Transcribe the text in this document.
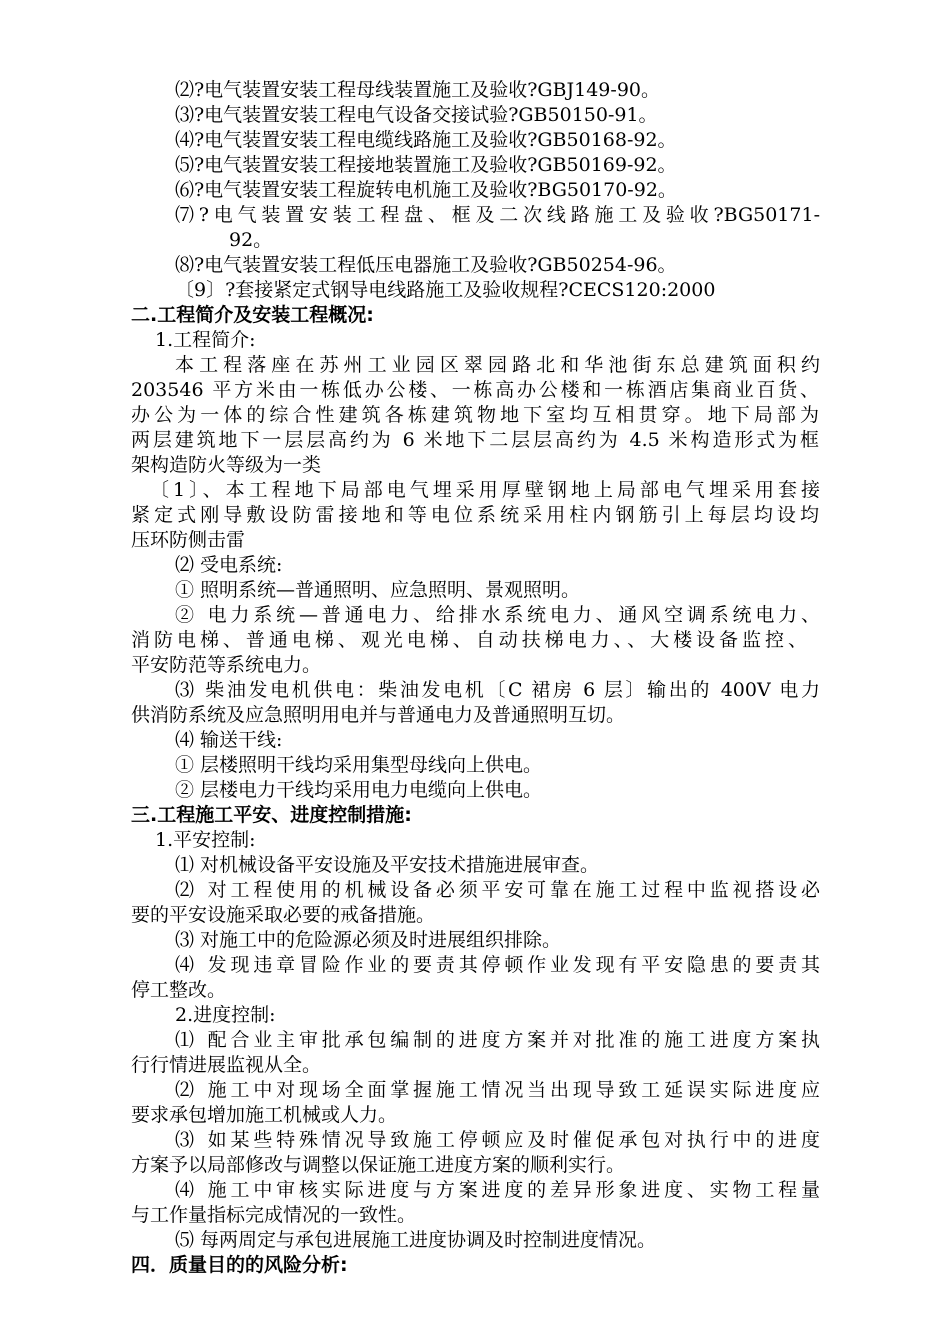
⑵?电气装置安装工程母线装置施工及验收?GBJ149-90。
⑶?电气装置安装工程电气设备交接试验?GB50150-91。
⑷?电气装置安装工程电缆线路施工及验收?GB50168-92。
⑸?电气装置安装工程接地装置施工及验收?GB50169-92。
⑹?电气装置安装工程旋转电机施工及验收?BG50170-92。
⑺?电气装置安装工程盘、框及二次线路施工及验收?BG50171-
92。
⑻?电气装置安装工程低压电器施工及验收?GB50254-96。
〔9〕?套接紧定式钢导电线路施工及验收规程?CECS120:2000
二.工程简介及安装工程概况:
1.工程简介:
本工程落座在苏州工业园区翠园路北和华池街东总建筑面积约
203546 平方米由一栋低办公楼、一栋高办公楼和一栋酒店集商业百货、
办公为一体的综合性建筑各栋建筑物地下室均互相贯穿。地下局部为
两层建筑地下一层层高约为 6 米地下二层层高约为 4.5 米构造形式为框
架构造防火等级为一类
〔1〕、本工程地下局部电气埋采用厚壁钢地上局部电气埋采用套接
紧定式刚导敷设防雷接地和等电位系统采用柱内钢筋引上每层均设均
压环防侧击雷
⑵ 受电系统:
① 照明系统—普通照明、应急照明、景观照明。
② 电力系统—普通电力、给排水系统电力、通风空调系统电力、
消防电梯、普通电梯、观光电梯、自动扶梯电力、、大楼设备监控、
平安防范等系统电力。
⑶ 柴油发电机供电：柴油发电机〔C 裙房 6 层〕输出的 400V 电力
供消防系统及应急照明用电并与普通电力及普通照明互切。
⑷ 输送干线:
① 层楼照明干线均采用集型母线向上供电。
② 层楼电力干线均采用电力电缆向上供电。
三.工程施工平安、进度控制措施:
1.平安控制:
⑴ 对机械设备平安设施及平安技术措施进展审查。
⑵ 对工程使用的机械设备必须平安可靠在施工过程中监视搭设必
要的平安设施采取必要的戒备措施。
⑶ 对施工中的危险源必须及时进展组织排除。
⑷ 发现违章冒险作业的要责其停顿作业发现有平安隐患的要责其
停工整改。
2.进度控制:
⑴ 配合业主审批承包编制的进度方案并对批准的施工进度方案执
行行情进展监视从全。
⑵ 施工中对现场全面掌握施工情况当出现导致工延误实际进度应
要求承包增加施工机械或人力。
⑶ 如某些特殊情况导致施工停顿应及时催促承包对执行中的进度
方案予以局部修改与调整以保证施工进度方案的顺利实行。
⑷ 施工中审核实际进度与方案进度的差异形象进度、实物工程量
与工作量指标完成情况的一致性。
⑸ 每两周定与承包进展施工进度协调及时控制进度情况。
四．质量目的的风险分析:
